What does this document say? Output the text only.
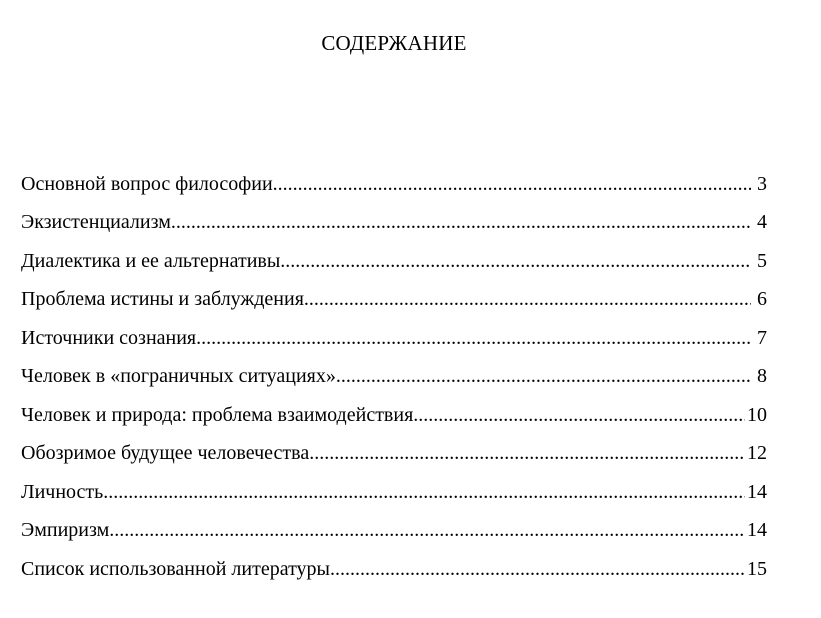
СОДЕРЖАНИЕ
Основной вопрос философии .....	3
Экзистенциализм. .....	4
Диалектика и ее альтернативы .....	5
Проблема истины и заблуждения. .....	6
Источники сознания .....	7
Человек в «пограничных ситуациях» .....	8
Человек и природа: проблема взаимодействия. .....	10
Обозримое будущее человечества. .....	12
Личность .....	14
Эмпиризм. .....	14
Список использованной литературы .....	15
